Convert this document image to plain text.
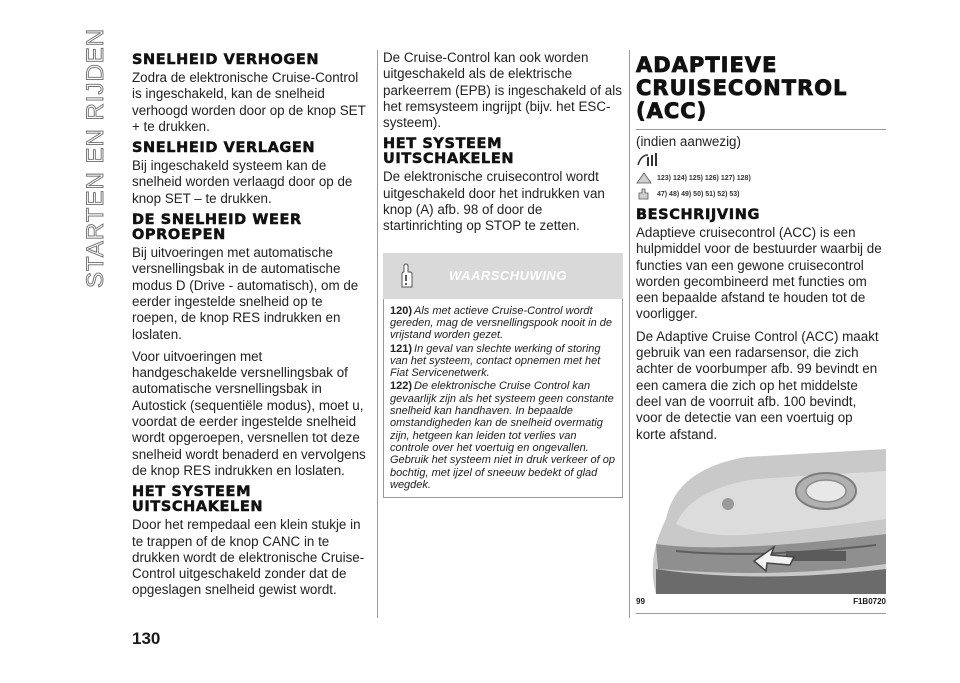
STARTEN EN RIJDEN
130
SNELHEID VERHOGEN

Zodra de elektronische Cruise-Control is ingeschakeld, kan de snelheid verhoogd worden door op de knop SET + te drukken.

SNELHEID VERLAGEN

Bij ingeschakeld systeem kan de snelheid worden verlaagd door op de knop SET – te drukken.

DE SNELHEID WEER OPROEPEN

Bij uitvoeringen met automatische versnellingsbak in de automatische modus D (Drive - automatisch), om de eerder ingestelde snelheid op te roepen, de knop RES indrukken en loslaten.

Voor uitvoeringen met handgeschakelde versnellingsbak of automatische versnellingsbak in Autostick (sequentiële modus), moet u, voordat de eerder ingestelde snelheid wordt opgeroepen, versnellen tot deze snelheid wordt benaderd en vervolgens de knop RES indrukken en loslaten.

HET SYSTEEM UITSCHAKELEN

Door het rempedaal een klein stukje in te trappen of de knop CANC in te drukken wordt de elektronische Cruise-Control uitgeschakeld zonder dat de opgeslagen snelheid gewist wordt.

De Cruise-Control kan ook worden uitgeschakeld als de elektrische parkeerrem (EPB) is ingeschakeld of als het remsysteem ingrijpt (bijv. het ESC-systeem).

HET SYSTEEM UITSCHAKELEN

De elektronische cruisecontrol wordt uitgeschakeld door het indrukken van knop (A) afb. 98 of door de startinrichting op STOP te zetten.

WAARSCHUWING
120) Als met actieve Cruise-Control wordt gereden, mag de versnellingspook nooit in de vrijstand worden gezet.
121) In geval van slechte werking of storing van het systeem, contact opnemen met het Fiat Servicenetwerk.
122) De elektronische Cruise Control kan gevaarlijk zijn als het systeem geen constante snelheid kan handhaven. In bepaalde omstandigheden kan de snelheid overmatig zijn, hetgeen kan leiden tot verlies van controle over het voertuig en ongevallen. Gebruik het systeem niet in druk verkeer of op bochtig, met ijzel of sneeuw bedekt of glad wegdek.
ADAPTIEVE CRUISECONTROL (ACC)
(indien aanwezig)
123) 124) 125) 126) 127) 128)
47) 48) 49) 50) 51) 52) 53)
BESCHRIJVING

Adaptieve cruisecontrol (ACC) is een hulpmiddel voor de bestuurder waarbij de functies van een gewone cruisecontrol worden gecombineerd met functies om een bepaalde afstand te houden tot de voorligger.

De Adaptive Cruise Control (ACC) maakt gebruik van een radarsensor, die zich achter de voorbumper afb. 99 bevindt en een camera die zich op het middelste deel van de voorruit afb. 100 bevindt, voor de detectie van een voertuig op korte afstand.

99	F1B0720
